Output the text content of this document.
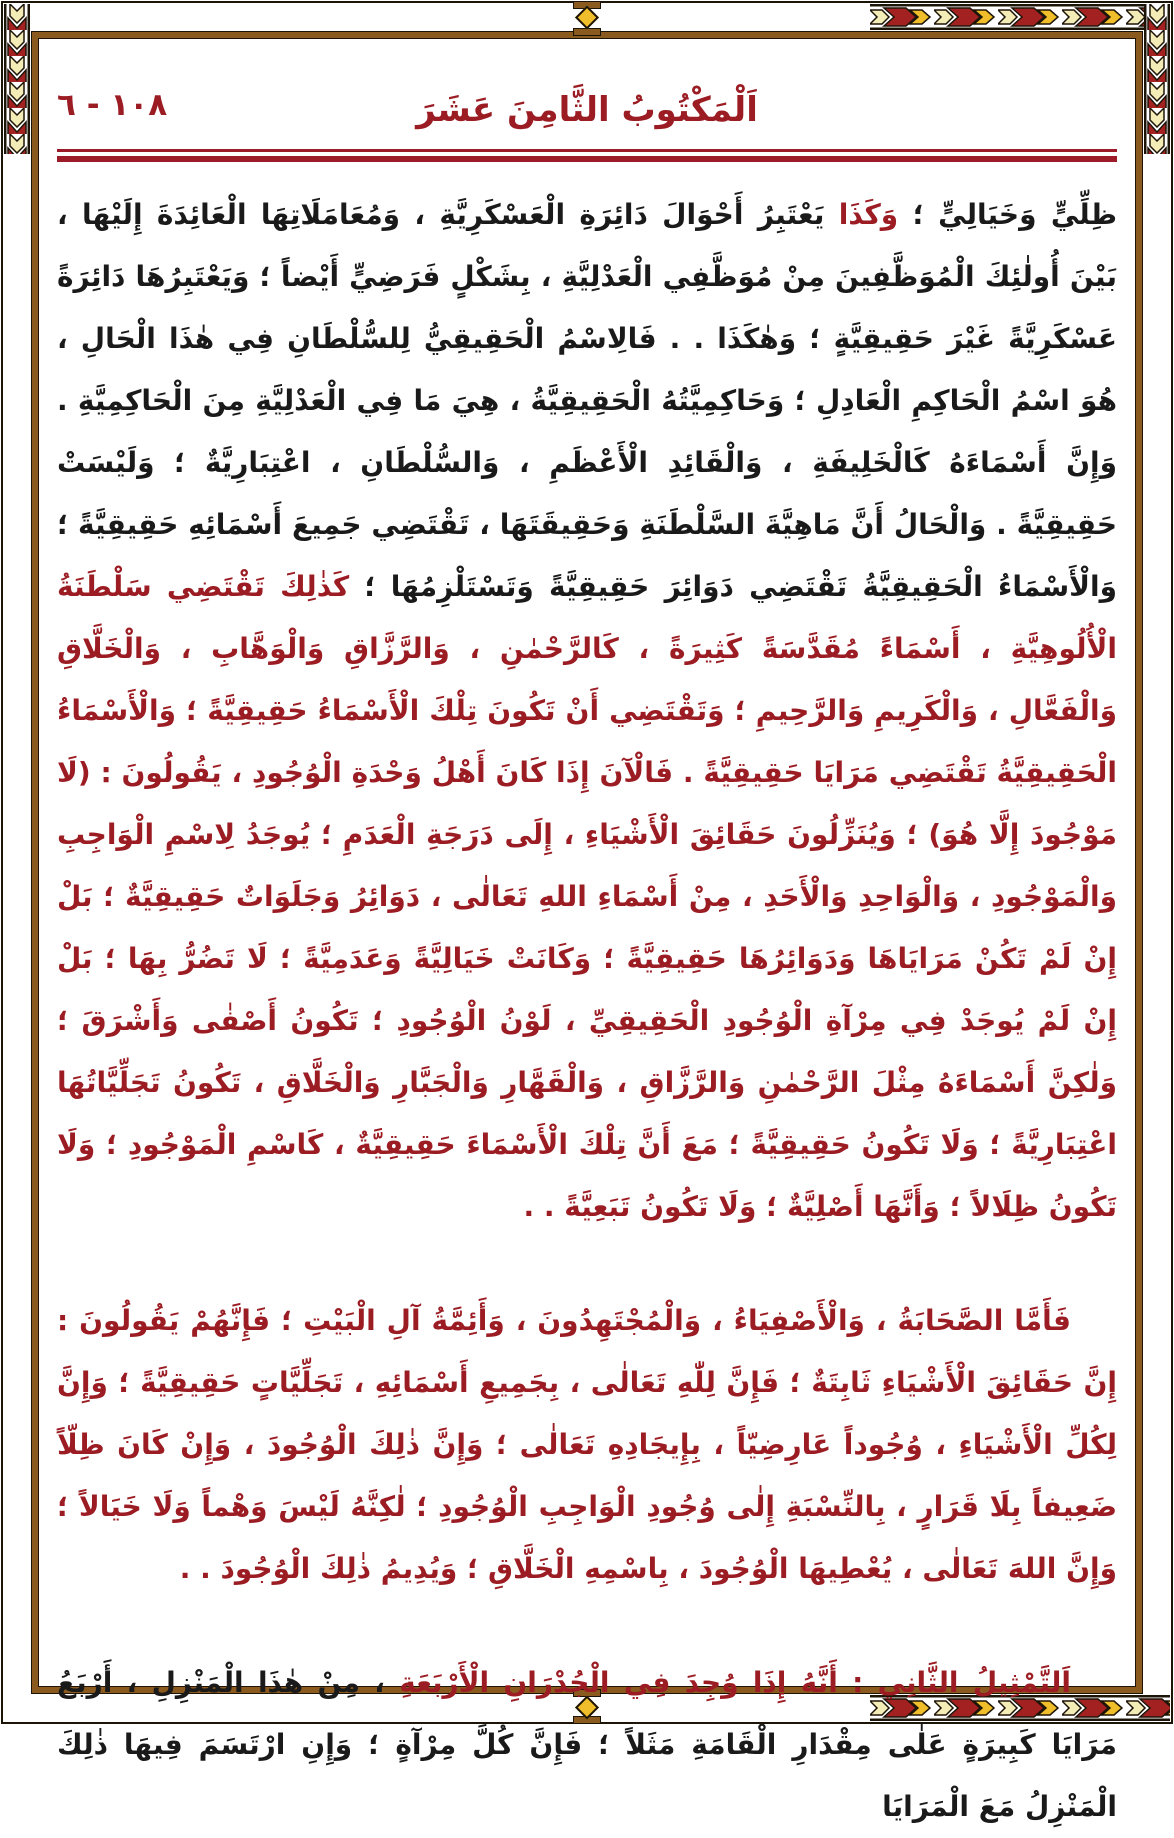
١٠٨ - ٦	اَلْمَكْتُوبُ الثَّامِنَ عَشَرَ

ظِلِّيٍّ وَخَيَالِيٍّ ؛ وَكَذَا يَعْتَبِرُ أَحْوَالَ دَائِرَةِ الْعَسْكَرِيَّةِ ، وَمُعَامَلَاتِهَا الْعَائِدَةَ إِلَيْهَا ، بَيْنَ أُولٰئِكَ الْمُوَظَّفِينَ مِنْ مُوَظَّفِي الْعَدْلِيَّةِ ، بِشَكْلٍ فَرَضِيٍّ أَيْضاً ؛ وَيَعْتَبِرُهَا دَائِرَةً عَسْكَرِيَّةً غَيْرَ حَقِيقِيَّةٍ ؛ وَهٰكَذَا . . فَالِاسْمُ الْحَقِيقِيُّ لِلسُّلْطَانِ فِي هٰذَا الْحَالِ ، هُوَ اسْمُ الْحَاكِمِ الْعَادِلِ ؛ وَحَاكِمِيَّتُهُ الْحَقِيقِيَّةُ ، هِيَ مَا فِي الْعَدْلِيَّةِ مِنَ الْحَاكِمِيَّةِ . وَإِنَّ أَسْمَاءَهُ كَالْخَلِيفَةِ ، وَالْقَائِدِ الْأَعْظَمِ ، وَالسُّلْطَانِ ، اعْتِبَارِيَّةٌ ؛ وَلَيْسَتْ حَقِيقِيَّةً . وَالْحَالُ أَنَّ مَاهِيَّةَ السَّلْطَنَةِ وَحَقِيقَتَهَا ، تَقْتَضِي جَمِيعَ أَسْمَائِهِ حَقِيقِيَّةً ؛ وَالْأَسْمَاءُ الْحَقِيقِيَّةُ تَقْتَضِي دَوَائِرَ حَقِيقِيَّةً وَتَسْتَلْزِمُهَا ؛ كَذٰلِكَ تَقْتَضِي سَلْطَنَةُ الْأُلُوهِيَّةِ ، أَسْمَاءً مُقَدَّسَةً كَثِيرَةً ، كَالرَّحْمٰنِ ، وَالرَّزَّاقِ وَالْوَهَّابِ ، وَالْخَلَّاقِ وَالْفَعَّالِ ، وَالْكَرِيمِ وَالرَّحِيمِ ؛ وَتَقْتَضِي أَنْ تَكُونَ تِلْكَ الْأَسْمَاءُ حَقِيقِيَّةً ؛ وَالْأَسْمَاءُ الْحَقِيقِيَّةُ تَقْتَضِي مَرَايَا حَقِيقِيَّةً . فَالْآنَ إِذَا كَانَ أَهْلُ وَحْدَةِ الْوُجُودِ ، يَقُولُونَ : (لَا مَوْجُودَ إِلَّا هُوَ) ؛ وَيُنَزِّلُونَ حَقَائِقَ الْأَشْيَاءِ ، إِلَى دَرَجَةِ الْعَدَمِ ؛ يُوجَدُ لِاسْمِ الْوَاجِبِ وَالْمَوْجُودِ ، وَالْوَاحِدِ وَالْأَحَدِ ، مِنْ أَسْمَاءِ اللهِ تَعَالٰى ، دَوَائِرُ وَجَلَوَاتٌ حَقِيقِيَّةٌ ؛ بَلْ إِنْ لَمْ تَكُنْ مَرَايَاهَا وَدَوَائِرُهَا حَقِيقِيَّةً ؛ وَكَانَتْ خَيَالِيَّةً وَعَدَمِيَّةً ؛ لَا تَضُرُّ بِهَا ؛ بَلْ إِنْ لَمْ يُوجَدْ فِي مِرْآةِ الْوُجُودِ الْحَقِيقِيِّ ، لَوْنُ الْوُجُودِ ؛ تَكُونُ أَصْفٰى وَأَشْرَقَ ؛ وَلٰكِنَّ أَسْمَاءَهُ مِثْلَ الرَّحْمٰنِ وَالرَّزَّاقِ ، وَالْقَهَّارِ وَالْجَبَّارِ وَالْخَلَّاقِ ، تَكُونُ تَجَلِّيَّاتُهَا اعْتِبَارِيَّةً ؛ وَلَا تَكُونُ حَقِيقِيَّةً ؛ مَعَ أَنَّ تِلْكَ الْأَسْمَاءَ حَقِيقِيَّةٌ ، كَاسْمِ الْمَوْجُودِ ؛ وَلَا تَكُونُ ظِلَالاً ؛ وَأَنَّهَا أَصْلِيَّةٌ ؛ وَلَا تَكُونُ تَبَعِيَّةً . .

فَأَمَّا الصَّحَابَةُ ، وَالْأَصْفِيَاءُ ، وَالْمُجْتَهِدُونَ ، وَأَئِمَّةُ آلِ الْبَيْتِ ؛ فَإِنَّهُمْ يَقُولُونَ : إِنَّ حَقَائِقَ الْأَشْيَاءِ ثَابِتَةٌ ؛ فَإِنَّ لِلّٰهِ تَعَالٰى ، بِجَمِيعِ أَسْمَائِهِ ، تَجَلِّيَّاتٍ حَقِيقِيَّةً ؛ وَإِنَّ لِكُلِّ الْأَشْيَاءِ ، وُجُوداً عَارِضِيّاً ، بِإِيجَادِهِ تَعَالٰى ؛ وَإِنَّ ذٰلِكَ الْوُجُودَ ، وَإِنْ كَانَ ظِلّاً ضَعِيفاً بِلَا قَرَارٍ ، بِالنِّسْبَةِ إِلٰى وُجُودِ الْوَاجِبِ الْوُجُودِ ؛ لٰكِنَّهُ لَيْسَ وَهْماً وَلَا خَيَالاً ؛ وَإِنَّ اللهَ تَعَالٰى ، يُعْطِيهَا الْوُجُودَ ، بِاسْمِهِ الْخَلَّاقِ ؛ وَيُدِيمُ ذٰلِكَ الْوُجُودَ . .

اَلتَّمْثِيلُ الثَّانِي : أَنَّهُ إِذَا وُجِدَ فِي الْجُدْرَانِ الْأَرْبَعَةِ ، مِنْ هٰذَا الْمَنْزِلِ ، أَرْبَعُ مَرَايَا كَبِيرَةٍ عَلٰى مِقْدَارِ الْقَامَةِ مَثَلاً ؛ فَإِنَّ كُلَّ مِرْآةٍ ؛ وَإِنِ ارْتَسَمَ فِيهَا ذٰلِكَ الْمَنْزِلُ مَعَ الْمَرَايَا
